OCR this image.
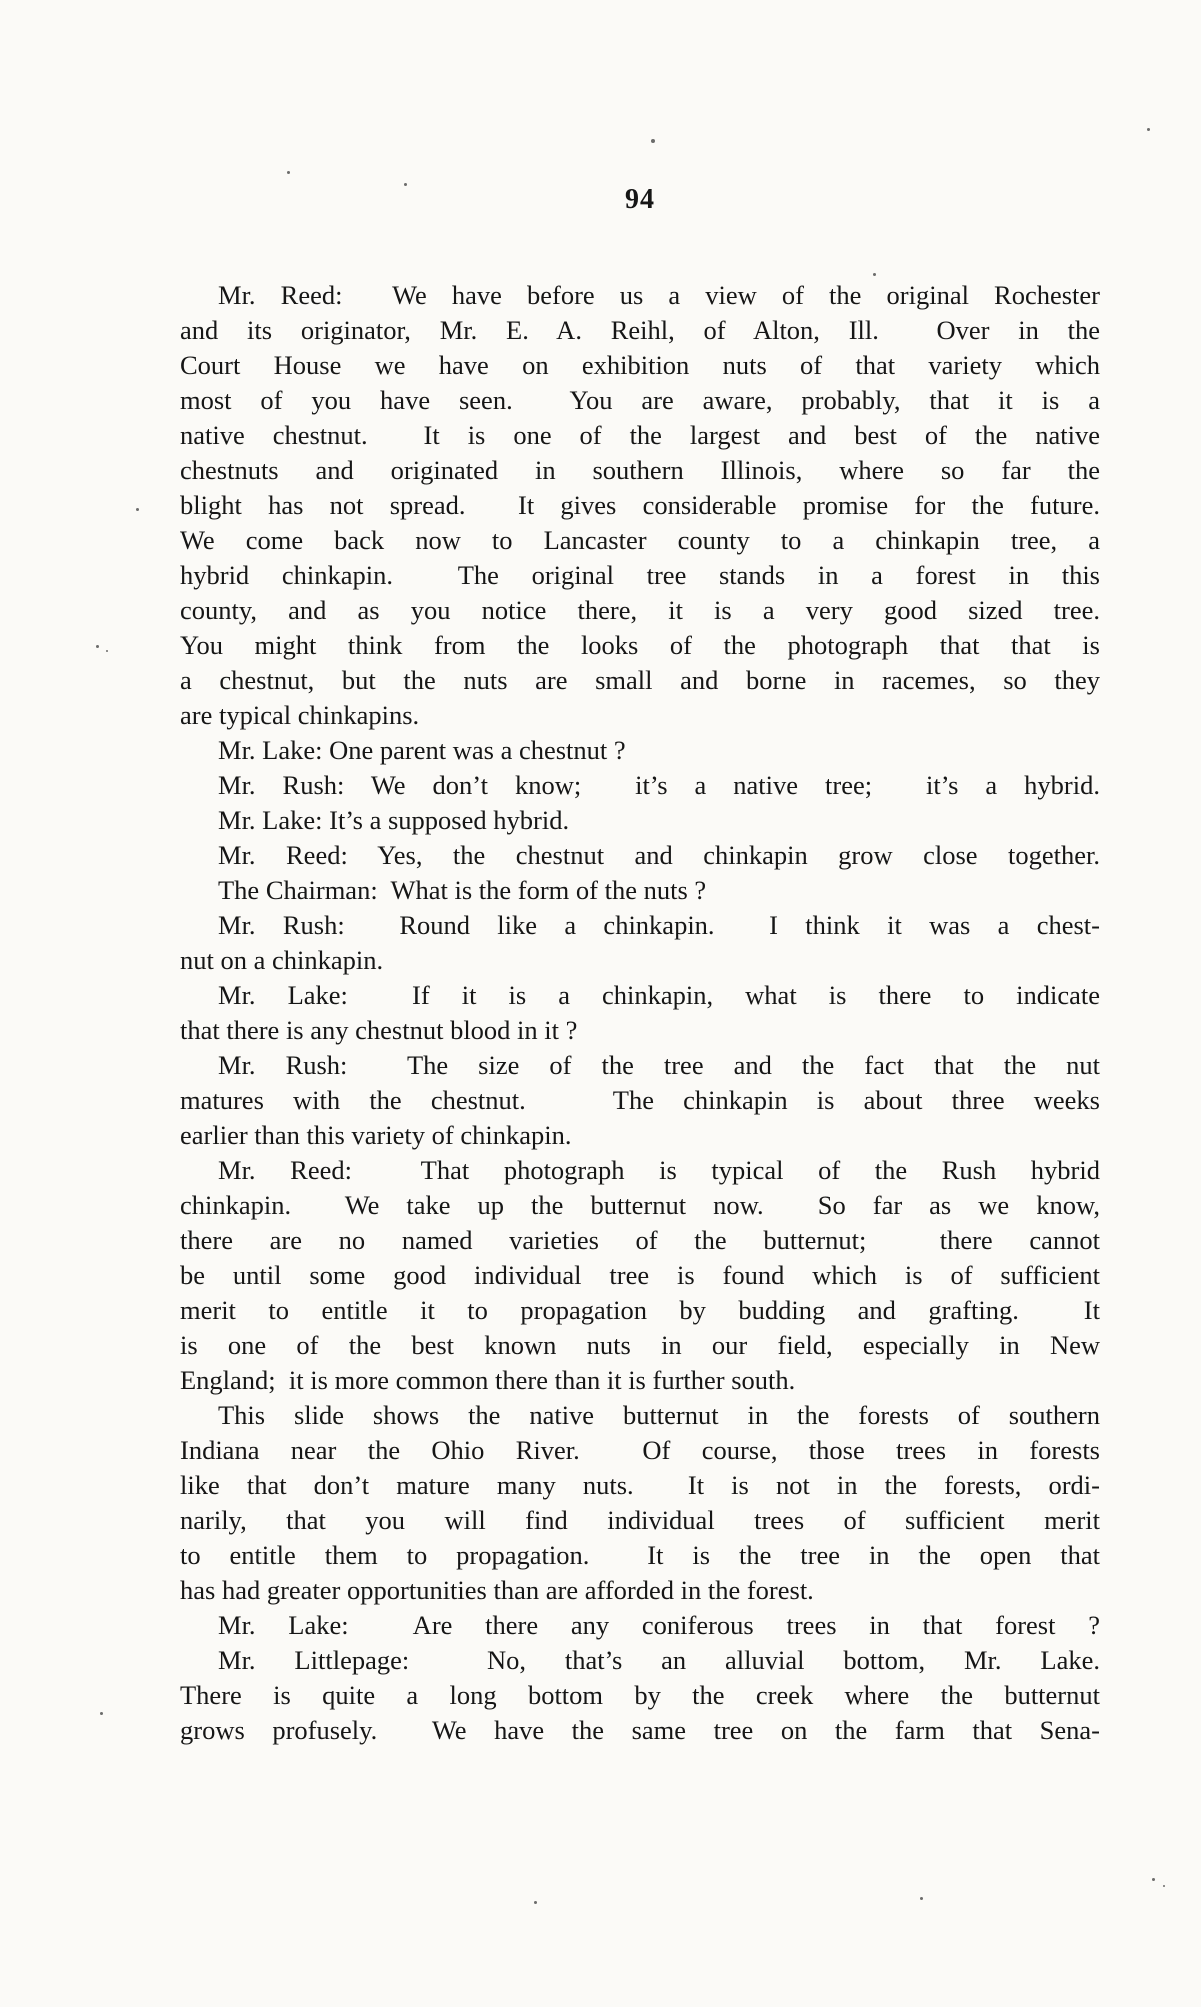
94

Mr. Reed:  We have before us a view of the original Rochester
and its originator, Mr. E. A. Reihl, of Alton, Ill.  Over in the
Court House we have on exhibition nuts of that variety which
most of you have seen.  You are aware, probably, that it is a
native chestnut.  It is one of the largest and best of the native
chestnuts and originated in southern Illinois, where so far the
blight has not spread.  It gives considerable promise for the future.
We come back now to Lancaster county to a chinkapin tree, a
hybrid chinkapin.  The original tree stands in a forest in this
county, and as you notice there, it is a very good sized tree.
You might think from the looks of the photograph that that is
a chestnut, but the nuts are small and borne in racemes, so they
are typical chinkapins.

Mr. Lake: One parent was a chestnut ?

Mr. Rush: We don’t know;  it’s a native tree;  it’s a hybrid.

Mr. Lake: It’s a supposed hybrid.

Mr. Reed: Yes, the chestnut and chinkapin grow close together.

The Chairman:  What is the form of the nuts ?

Mr. Rush:  Round like a chinkapin.  I think it was a chest-
nut on a chinkapin.

Mr. Lake:  If it is a chinkapin, what is there to indicate
that there is any chestnut blood in it ?

Mr. Rush:  The size of the tree and the fact that the nut
matures with the chestnut.   The chinkapin is about three weeks
earlier than this variety of chinkapin.

Mr. Reed:  That photograph is typical of the Rush hybrid
chinkapin.  We take up the butternut now.  So far as we know,
there are no named varieties of the butternut;  there cannot
be until some good individual tree is found which is of sufficient
merit to entitle it to propagation by budding and grafting.  It
is one of the best known nuts in our field, especially in New
England;  it is more common there than it is further south.

This slide shows the native butternut in the forests of southern
Indiana near the Ohio River.  Of course, those trees in forests
like that don’t mature many nuts.  It is not in the forests, ordi-
narily, that you will find individual trees of sufficient merit
to entitle them to propagation.  It is the tree in the open that
has had greater opportunities than are afforded in the forest.

Mr. Lake:  Are there any coniferous trees in that forest ?

Mr. Littlepage:  No, that’s an alluvial bottom, Mr. Lake.
There is quite a long bottom by the creek where the butternut
grows profusely.  We have the same tree on the farm that Sena-
